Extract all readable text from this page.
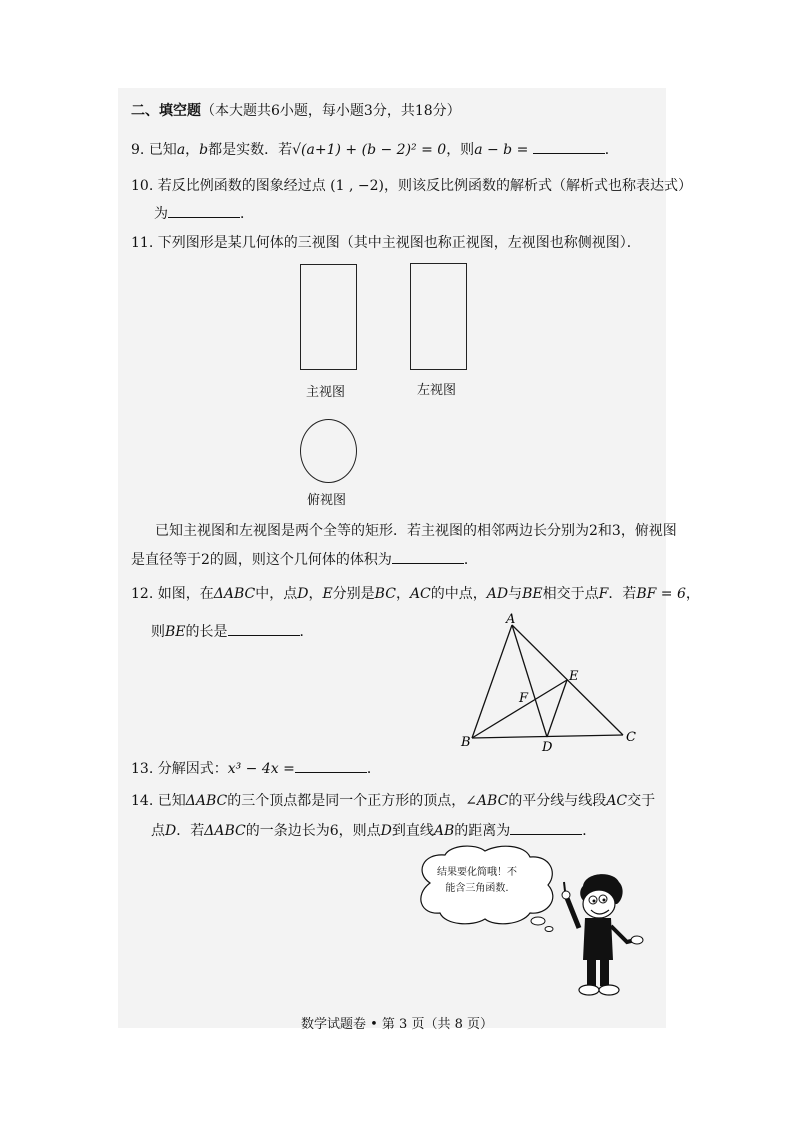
二、填空题（本大题共6小题，每小题3分，共18分）
9. 已知a，b都是实数．若√(a+1) + (b − 2)² = 0，则a − b =	．
10. 若反比例函数的图象经过点 (1 , −2)，则该反比例函数的解析式（解析式也称表达式）
为	．
11. 下列图形是某几何体的三视图（其中主视图也称正视图，左视图也称侧视图）．
主视图	左视图
俯视图
已知主视图和左视图是两个全等的矩形．若主视图的相邻两边长分别为2和3，俯视图
是直径等于2的圆，则这个几何体的体积为	．
12. 如图，在ΔABC中，点D，E分别是BC，AC的中点，AD与BE相交于点F．若BF = 6，
则BE的长是	．
A
B	C
D
E
F
13. 分解因式：x³ − 4x =	．
14. 已知ΔABC的三个顶点都是同一个正方形的顶点，∠ABC的平分线与线段AC交于
点D．若ΔABC的一条边长为6，则点D到直线AB的距离为	．
结果要化简哦！不
能含三角函数.
数学试题卷 • 第 3 页（共 8 页）
